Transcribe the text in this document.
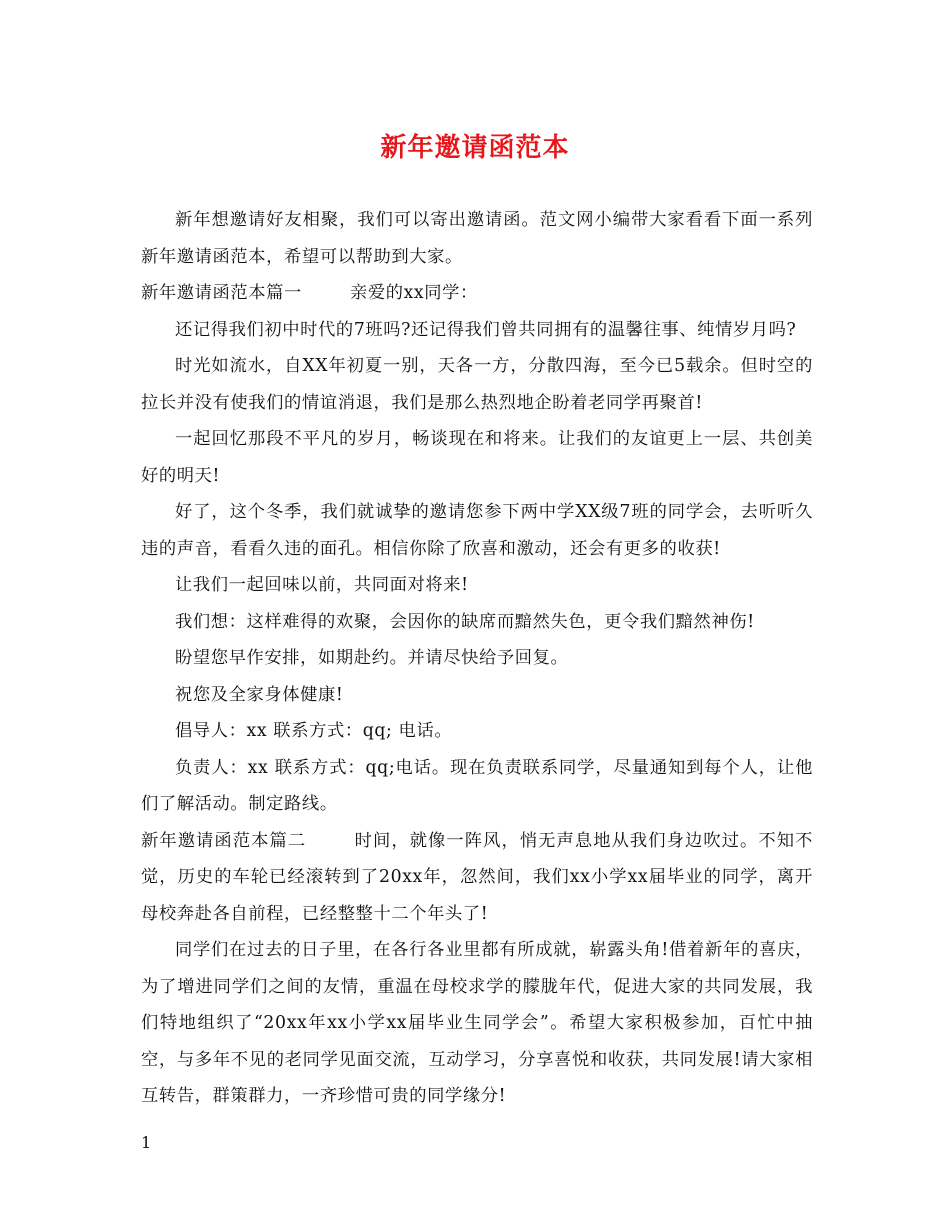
新年邀请函范本

新年想邀请好友相聚，我们可以寄出邀请函。范文网小编带大家看看下面一系列新年邀请函范本，希望可以帮助到大家。

新年邀请函范本篇一	亲爱的xx同学：

还记得我们初中时代的7班吗?还记得我们曾共同拥有的温馨往事、纯情岁月吗?

时光如流水，自XX年初夏一别，天各一方，分散四海，至今已5载余。但时空的拉长并没有使我们的情谊消退，我们是那么热烈地企盼着老同学再聚首!

一起回忆那段不平凡的岁月，畅谈现在和将来。让我们的友谊更上一层、共创美好的明天!

好了，这个冬季，我们就诚挚的邀请您参下两中学XX级7班的同学会，去听听久违的声音，看看久违的面孔。相信你除了欣喜和激动，还会有更多的收获!

让我们一起回味以前，共同面对将来!

我们想：这样难得的欢聚，会因你的缺席而黯然失色，更令我们黯然神伤!

盼望您早作安排，如期赴约。并请尽快给予回复。

祝您及全家身体健康!

倡导人：xx 联系方式：qq; 电话。

负责人：xx 联系方式：qq;电话。现在负责联系同学，尽量通知到每个人，让他们了解活动。制定路线。

新年邀请函范本篇二	时间，就像一阵风，悄无声息地从我们身边吹过。不知不觉，历史的车轮已经滚转到了20xx年，忽然间，我们xx小学xx届毕业的同学，离开母校奔赴各自前程，已经整整十二个年头了!

同学们在过去的日子里，在各行各业里都有所成就，崭露头角!借着新年的喜庆，为了增进同学们之间的友情，重温在母校求学的朦胧年代，促进大家的共同发展，我们特地组织了“20xx年xx小学xx届毕业生同学会”。希望大家积极参加，百忙中抽空，与多年不见的老同学见面交流，互动学习，分享喜悦和收获，共同发展!请大家相互转告，群策群力，一齐珍惜可贵的同学缘分!

1
